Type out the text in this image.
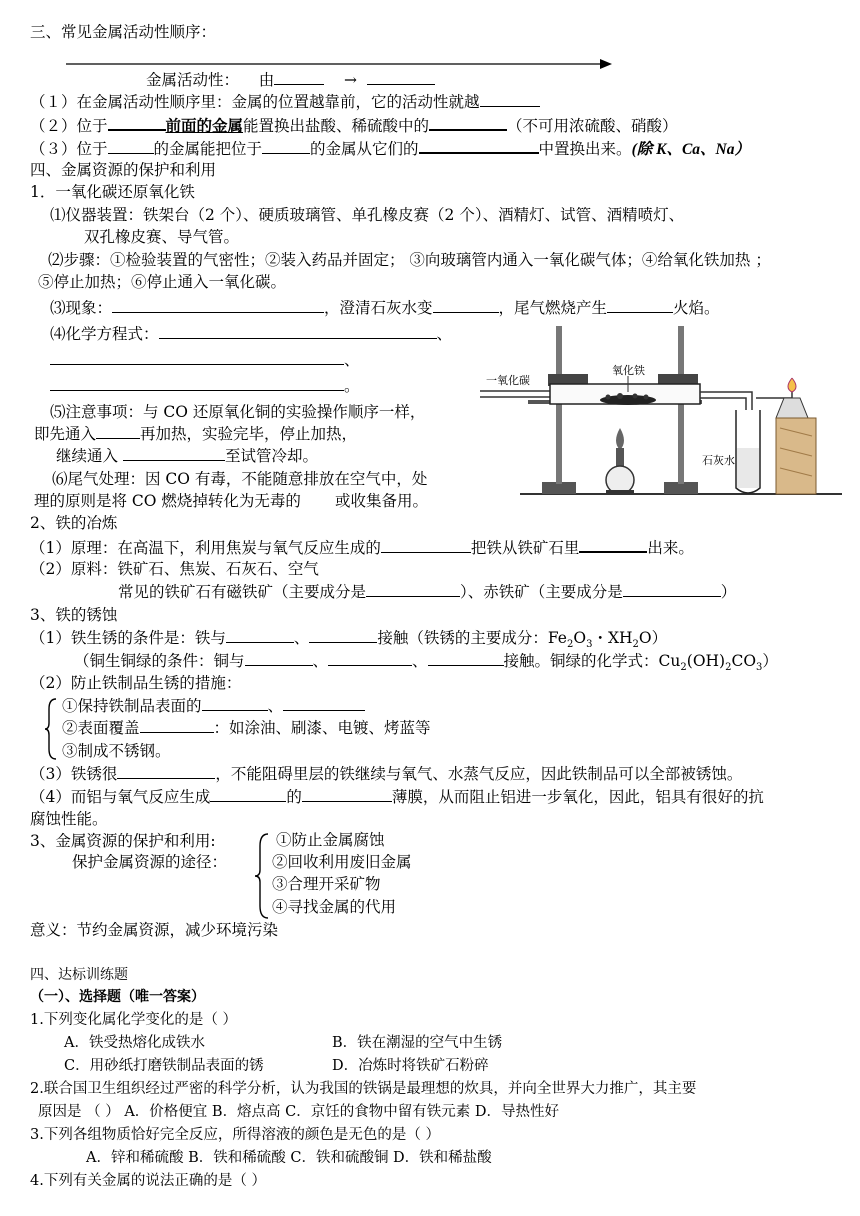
三、常见金属活动性顺序：
金属活动性： 由	→
（１）在金属活动性顺序里：金属的位置越靠前，它的活动性就越
（２）位于	前面的金属能置换出盐酸、稀硫酸中的	（不可用浓硫酸、硝酸）
（３）位于	的金属能把位于	的金属从它们的	中置换出来。(除 K、Ca、Na）
四、金属资源的保护和利用
1．一氧化碳还原氧化铁
⑴仪器装置：铁架台（2 个）、硬质玻璃管、单孔橡皮赛（2 个）、酒精灯、试管、酒精喷灯、
双孔橡皮赛、导气管。
⑵步骤：①检验装置的气密性；②装入药品并固定； ③向玻璃管内通入一氧化碳气体；④给氧化铁加热 ；
⑤停止加热；⑥停止通入一氧化碳。
⑶现象：	，澄清石灰水变	，尾气燃烧产生	火焰。
⑷化学方程式：	、
、
。
⑸注意事项：与 CO 还原氧化铜的实验操作顺序一样，
即先通入	再加热，实验完毕，停止加热，
继续通入	至试管冷却。
⑹尾气处理：因 CO 有毒，不能随意排放在空气中，处
理的原则是将 CO 燃烧掉转化为无毒的 或收集备用。
一氧化碳
氧化铁
石灰水
2、铁的冶炼
（1）原理：在高温下，利用焦炭与氧气反应生成的	把铁从铁矿石里	出来。
（2）原料：铁矿石、焦炭、石灰石、空气
常见的铁矿石有磁铁矿（主要成分是	）、赤铁矿（主要成分是	）
3、铁的锈蚀
（1）铁生锈的条件是：铁与	、	接触（铁锈的主要成分：$Fe_2O_3$・$XH_2O$）
（铜生铜绿的条件：铜与	、	、	接触。铜绿的化学式：$Cu_2(OH)_2CO_3$）
（2）防止铁制品生锈的措施：
①保持铁制品表面的	、
②表面覆盖	：如涂油、刷漆、电镀、烤蓝等
③制成不锈钢。
（3）铁锈很	，不能阻碍里层的铁继续与氧气、水蒸气反应，因此铁制品可以全部被锈蚀。
（4）而铝与氧气反应生成	的	薄膜，从而阻止铝进一步氧化，因此，铝具有很好的抗
腐蚀性能。
3、金属资源的保护和利用:
保护金属资源的途径：
①防止金属腐蚀
②回收利用废旧金属
③合理开采矿物
④寻找金属的代用
意义：节约金属资源，减少环境污染
四、达标训练题
（一）、选择题（唯一答案）
1.下列变化属化学变化的是（ ）
A．铁受热熔化成铁水	B．铁在潮湿的空气中生锈
C．用砂纸打磨铁制品表面的锈	D．冶炼时将铁矿石粉碎
2.联合国卫生组织经过严密的科学分析，认为我国的铁锅是最理想的炊具，并向全世界大力推广，其主要
原因是 （ ） A．价格便宜 B．熔点高 C．京饪的食物中留有铁元素 D．导热性好
3.下列各组物质恰好完全反应，所得溶液的颜色是无色的是（ ）
A．锌和稀硫酸 B．铁和稀硫酸 C．铁和硫酸铜 D．铁和稀盐酸
4.下列有关金属的说法正确的是（ ）
